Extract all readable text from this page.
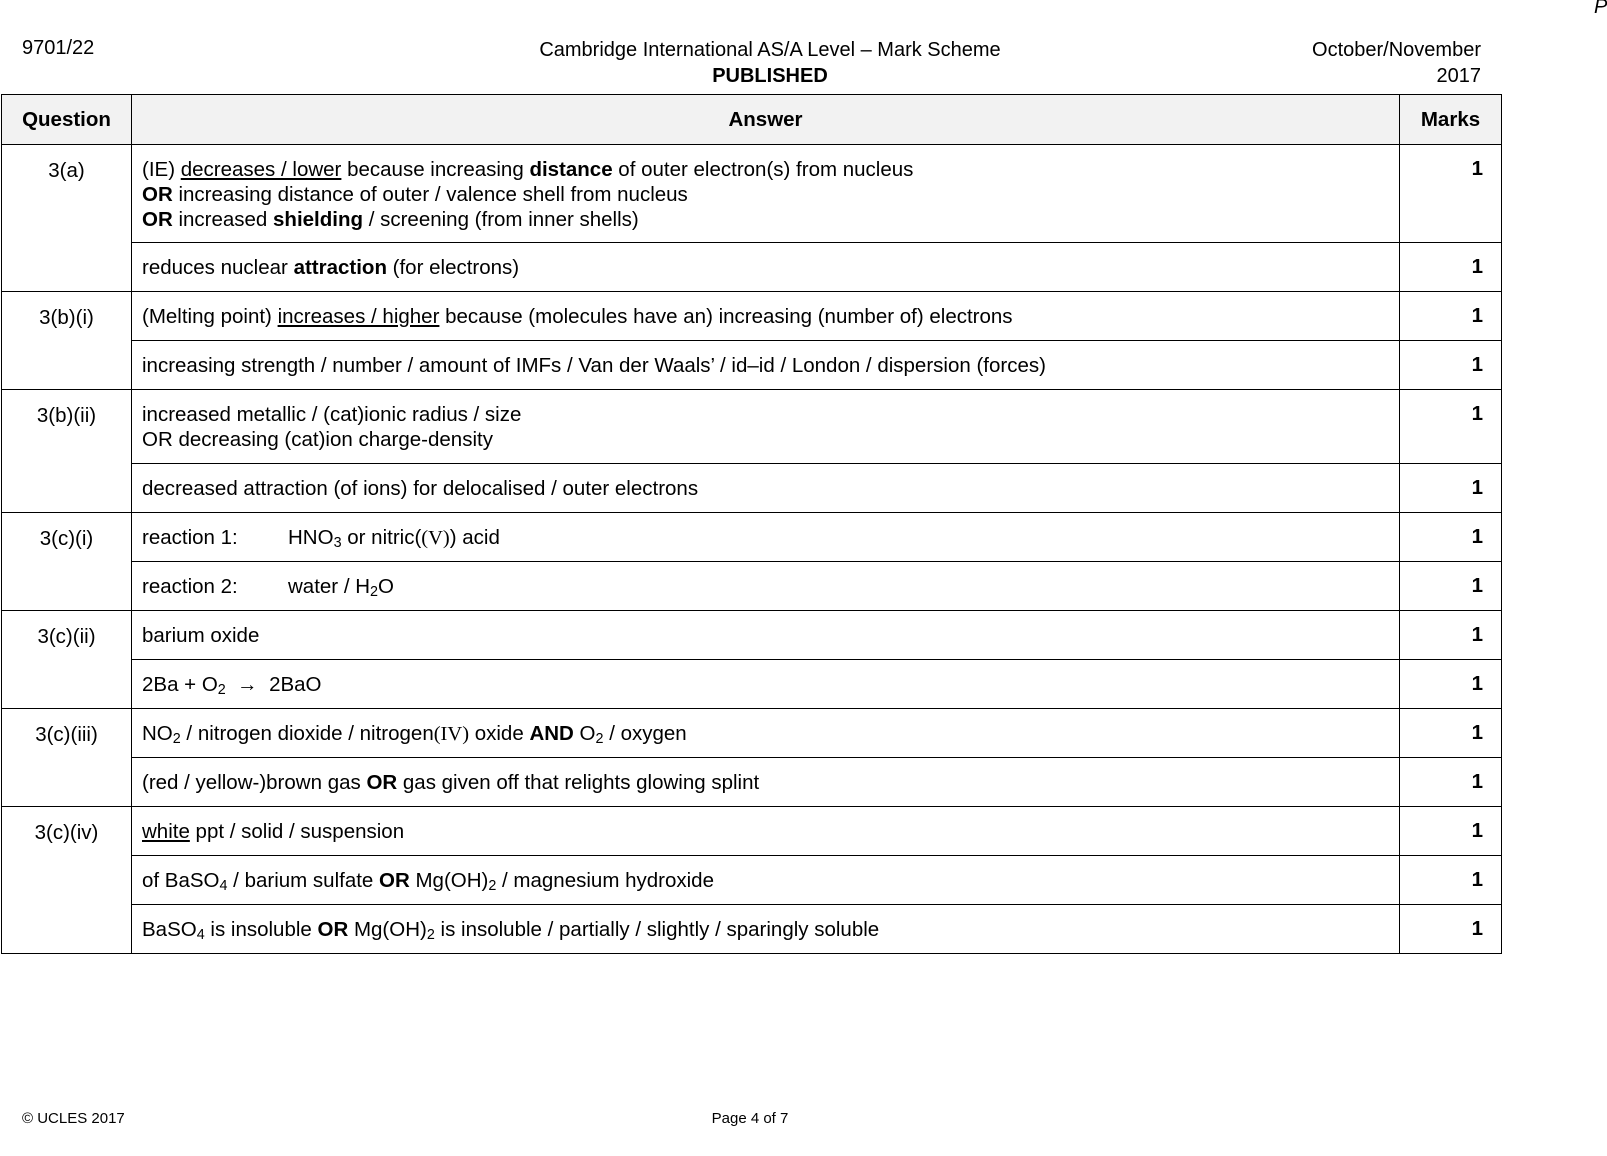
P
9701/22	Cambridge International AS/A Level – Mark Scheme
PUBLISHED
October/November
2017
Question	Answer	Marks
3(a)	(IE) decreases / lower because increasing distance of outer electron(s) from nucleus
OR increasing distance of outer / valence shell from nucleus
OR increased shielding / screening (from inner shells)	1
	reduces nuclear attraction (for electrons)	1
3(b)(i)	(Melting point) increases / higher because (molecules have an) increasing (number of) electrons	1
	increasing strength / number / amount of IMFs / Van der Waals’ / id–id / London / dispersion (forces)	1
3(b)(ii)	increased metallic / (cat)ionic radius / size
OR decreasing (cat)ion charge-density	1
	decreased attraction (of ions) for delocalised / outer electrons	1
3(c)(i)	reaction 1: $HNO_3$ or nitric((V)) acid	1
	reaction 2: water / $H_2O$	1
3(c)(ii)	barium oxide	1
	$2Ba + O_2 \to 2BaO$	1
3(c)(iii)	$NO_2$ / nitrogen dioxide / nitrogen(IV) oxide AND $O_2$ / oxygen	1
	(red / yellow-)brown gas OR gas given off that relights glowing splint	1
3(c)(iv)	white ppt / solid / suspension	1
	of BaSO$_4$ / barium sulfate OR $Mg(OH)_2$ / magnesium hydroxide	1
	BaSO$_4$ is insoluble OR $Mg(OH)_2$ is insoluble / partially / slightly / sparingly soluble	1
© UCLES 2017	Page 4 of 7
